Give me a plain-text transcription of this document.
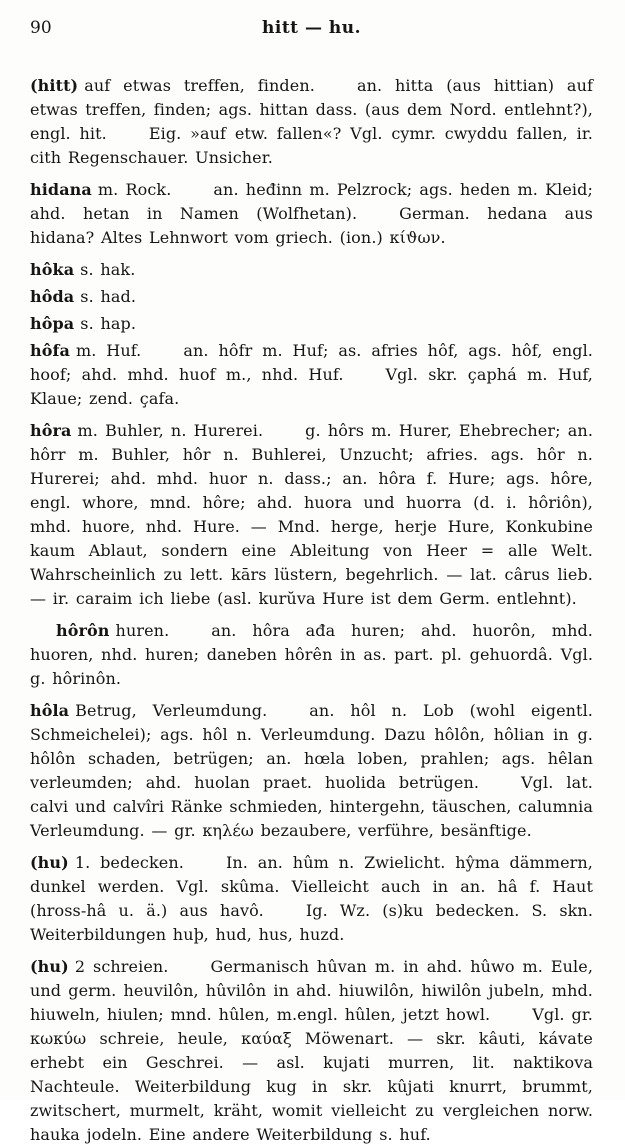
90	hitt — hu.

(hitt) auf etwas treffen, finden.	an. hitta (aus hittian) auf etwas treffen, finden; ags. hittan dass. (aus dem Nord. entlehnt?), engl. hit.	Eig. »auf etw. fallen«? Vgl. cymr. cwyddu fallen, ir. cith Regenschauer. Unsicher.

hidana m. Rock.	an. heđinn m. Pelzrock; ags. heden m. Kleid; ahd. hetan in Namen (Wolfhetan).	German. hedana aus hidana? Altes Lehnwort vom griech. (ion.) κίϑων.

hôka s. hak.

hôda s. had.

hôpa s. hap.

hôfa m. Huf.	an. hôfr m. Huf; as. afries hôf, ags. hôf, engl. hoof; ahd. mhd. huof m., nhd. Huf.	Vgl. skr. çaphá m. Huf, Klaue; zend. çafa.

hôra m. Buhler, n. Hurerei.	g. hôrs m. Hurer, Ehebrecher; an. hôrr m. Buhler, hôr n. Buhlerei, Unzucht; afries. ags. hôr n. Hurerei; ahd. mhd. huor n. dass.; an. hôra f. Hure; ags. hôre, engl. whore, mnd. hôre; ahd. huora und huorra (d. i. hôriôn), mhd. huore, nhd. Hure. — Mnd. herge, herje Hure, Konkubine kaum Ablaut, sondern eine Ableitung von Heer = alle Welt. Wahrscheinlich zu lett. kārs lüstern, begehrlich. — lat. cârus lieb. — ir. caraim ich liebe (asl. kurŭva Hure ist dem Germ. entlehnt).

hôrôn huren.	an. hôra ađa huren; ahd. huorôn, mhd. huoren, nhd. huren; daneben hôrên in as. part. pl. gehuordâ. Vgl. g. hôrinôn.

hôla Betrug, Verleumdung.	an. hôl n. Lob (wohl eigentl. Schmeichelei); ags. hôl n. Verleumdung. Dazu hôlôn, hôlian in g. hôlôn schaden, betrügen; an. hœla loben, prahlen; ags. hêlan verleumden; ahd. huolan praet. huolida betrügen.	Vgl. lat. calvi und calvîri Ränke schmieden, hintergehn, täuschen, calumnia Verleumdung. — gr. κηλέω bezaubere, verführe, besänftige.

(hu) 1. bedecken.	In. an. hûm n. Zwielicht. hŷma dämmern, dunkel werden. Vgl. skûma. Vielleicht auch in an. hâ f. Haut (hross-hâ u. ä.) aus havô.	Ig. Wz. (s)ku bedecken. S. skn. Weiterbildungen huþ, hud, hus, huzd.

(hu) 2 schreien.	Germanisch hûvan m. in ahd. hûwo m. Eule, und germ. heuvilôn, hûvilôn in ahd. hiuwilôn, hiwilôn jubeln, mhd. hiuweln, hiulen; mnd. hûlen, m.engl. hûlen, jetzt howl.	Vgl. gr. κωκύω schreie, heule, καύαξ Möwenart. — skr. kâuti, kávate erhebt ein Geschrei. — asl. kujati murren, lit. naktikova Nachteule. Weiterbildung kug in skr. kûjati knurrt, brummt, zwitschert, murmelt, kräht, womit vielleicht zu vergleichen norw. hauka jodeln. Eine andere Weiterbildung s. huf.
